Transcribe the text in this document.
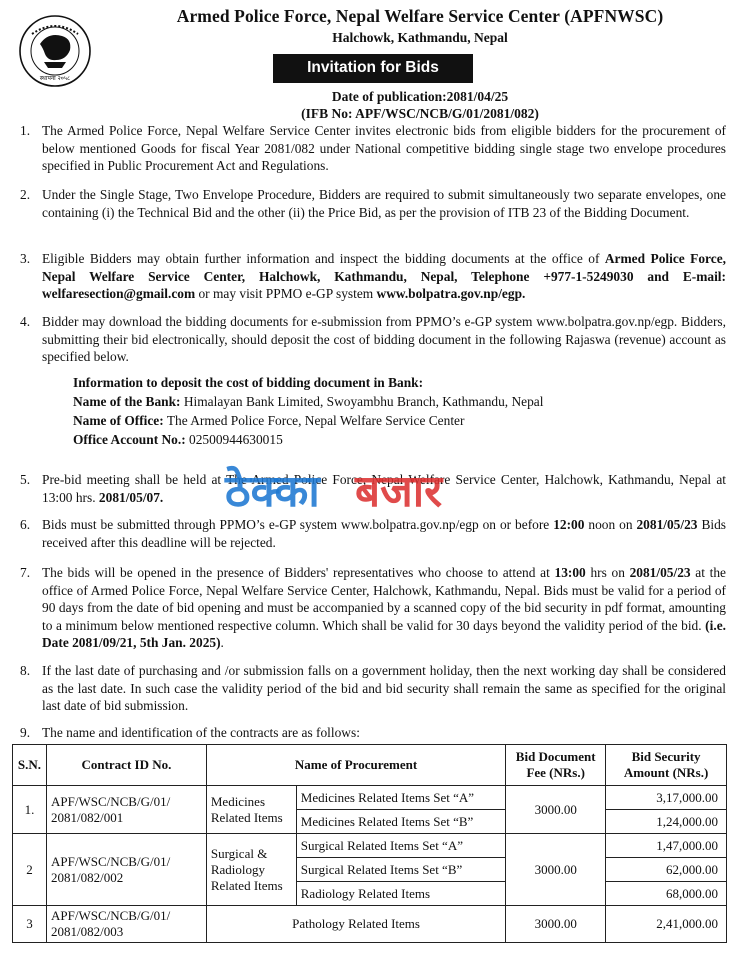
स्थापना २०५८
Armed Police Force, Nepal Welfare Service Center (APFNWSC)
Halchowk, Kathmandu, Nepal
Invitation for Bids
Date of publication:2081/04/25
(IFB No: APF/WSC/NCB/G/01/2081/082)
1. The Armed Police Force, Nepal Welfare Service Center invites electronic bids from eligible bidders for the procurement of below mentioned Goods for fiscal Year 2081/082 under National competitive bidding single stage two envelope procedures specified in Public Procurement Act and Regulations.
2. Under the Single Stage, Two Envelope Procedure, Bidders are required to submit simultaneously two separate envelopes, one containing (i) the Technical Bid and the other (ii) the Price Bid, as per the provision of ITB 23 of the Bidding Document.
3. Eligible Bidders may obtain further information and inspect the bidding documents at the office of Armed Police Force, Nepal Welfare Service Center, Halchowk, Kathmandu, Nepal, Telephone +977-1-5249030 and E-mail: welfaresection@gmail.com or may visit PPMO e-GP system www.bolpatra.gov.np/egp.
4. Bidder may download the bidding documents for e-submission from PPMO’s e-GP system www.bolpatra.gov.np/egp. Bidders, submitting their bid electronically, should deposit the cost of bidding document in the following Rajaswa (revenue) account as specified below.
Information to deposit the cost of bidding document in Bank:
Name of the Bank: Himalayan Bank Limited, Swoyambhu Branch, Kathmandu, Nepal
Name of Office: The Armed Police Force, Nepal Welfare Service Center
Office Account No.: 02500944630015
5. Pre-bid meeting shall be held at The Armed Police Force, Nepal Welfare Service Center, Halchowk, Kathmandu, Nepal at 13:00 hrs. 2081/05/07.
6. Bids must be submitted through PPMO’s e-GP system www.bolpatra.gov.np/egp on or before 12:00 noon on 2081/05/23 Bids received after this deadline will be rejected.
7. The bids will be opened in the presence of Bidders' representatives who choose to attend at 13:00 hrs on 2081/05/23 at the office of Armed Police Force, Nepal Welfare Service Center, Halchowk, Kathmandu, Nepal. Bids must be valid for a period of 90 days from the date of bid opening and must be accompanied by a scanned copy of the bid security in pdf format, amounting to a minimum below mentioned respective column. Which shall be valid for 30 days beyond the validity period of the bid. (i.e. Date 2081/09/21, 5th Jan. 2025).
8. If the last date of purchasing and /or submission falls on a government holiday, then the next working day shall be considered as the last date. In such case the validity period of the bid and bid security shall remain the same as specified for the original last date of bid submission.
9. The name and identification of the contracts are as follows:
S.N.	Contract ID No.	Name of Procurement		Bid Document Fee (NRs.)	Bid Security Amount (NRs.)
1.	APF/WSC/NCB/G/01/ 2081/082/001	Medicines Related Items	Medicines Related Items Set “A”	3000.00	3,17,000.00
			Medicines Related Items Set “B”		1,24,000.00
2	APF/WSC/NCB/G/01/ 2081/082/002	Surgical & Radiology Related Items	Surgical Related Items Set “A”	3000.00	1,47,000.00
			Surgical Related Items Set “B”		62,000.00
			Radiology Related Items		68,000.00
3	APF/WSC/NCB/G/01/ 2081/082/003	Pathology Related Items		3000.00	2,41,000.00
ठेक्का बजार
